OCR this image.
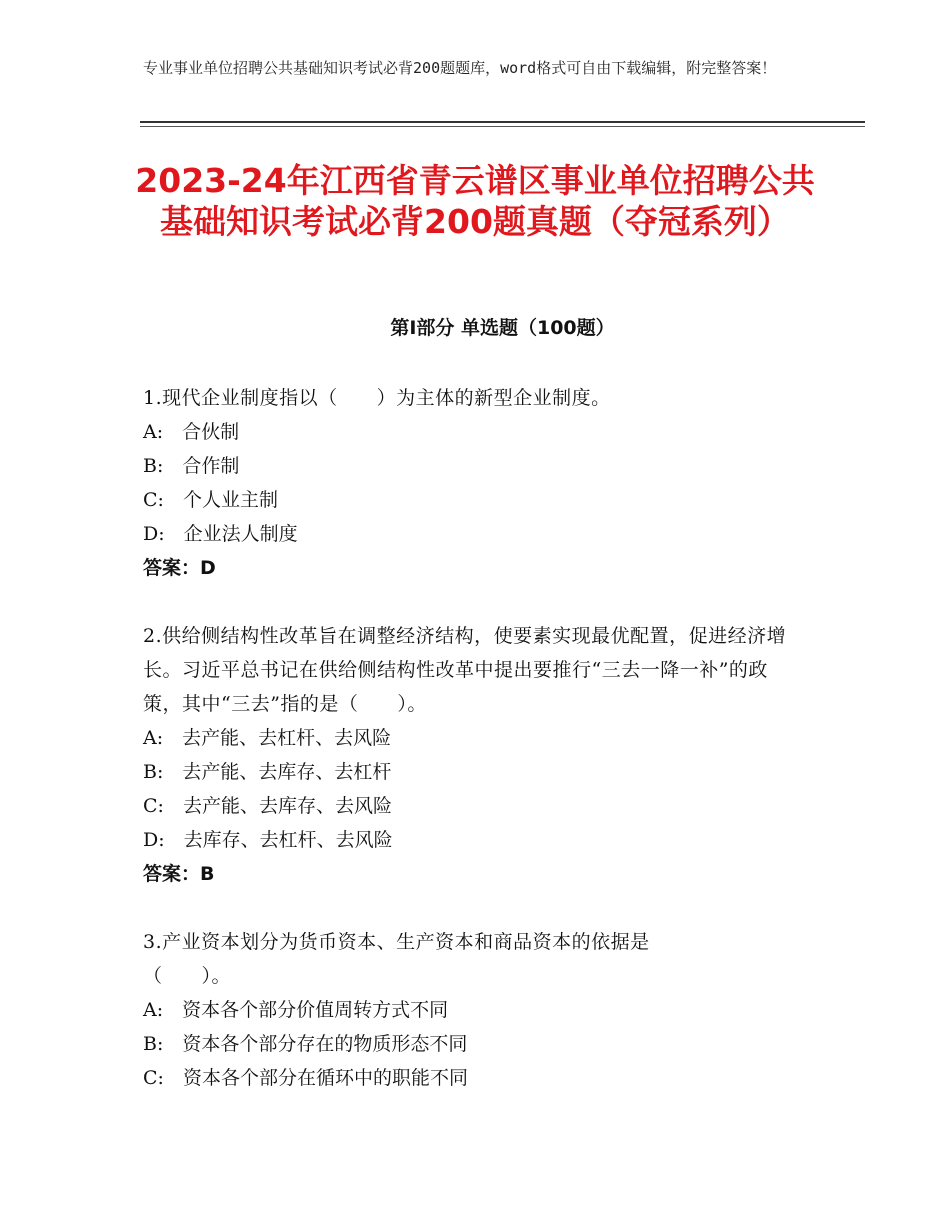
专业事业单位招聘公共基础知识考试必背200题题库，word格式可自由下载编辑，附完整答案！
2023-24年江西省青云谱区事业单位招聘公共基础知识考试必背200题真题（夺冠系列）
第Ⅰ部分 单选题（100题）
1.现代企业制度指以（　　）为主体的新型企业制度。
A:　合伙制
B:　合作制
C:　个人业主制
D:　企业法人制度
答案：D
2.供给侧结构性改革旨在调整经济结构，使要素实现最优配置，促进经济增长。习近平总书记在供给侧结构性改革中提出要推行“三去一降一补”的政策，其中“三去”指的是（　　）。
A:　去产能、去杠杆、去风险
B:　去产能、去库存、去杠杆
C:　去产能、去库存、去风险
D:　去库存、去杠杆、去风险
答案：B
3.产业资本划分为货币资本、生产资本和商品资本的依据是（　　）。
A:　资本各个部分价值周转方式不同
B:　资本各个部分存在的物质形态不同
C:　资本各个部分在循环中的职能不同
